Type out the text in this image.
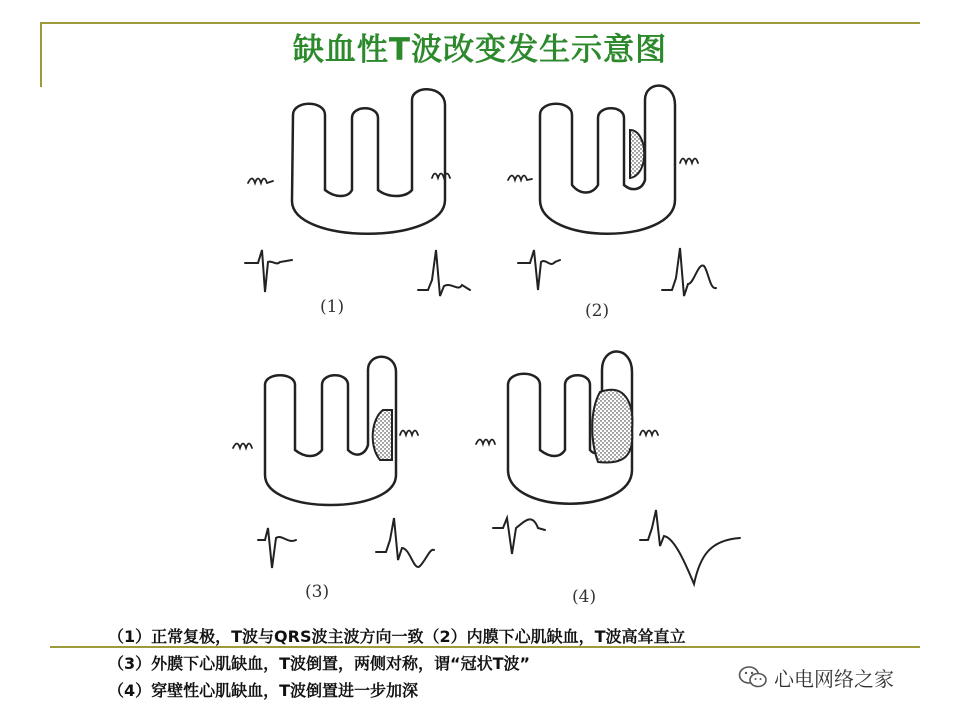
缺血性T波改变发生示意图
(1)	(2)
(3)	(4)
（1）正常复极，T波与QRS波主波方向一致（2）内膜下心肌缺血，T波高耸直立
（3）外膜下心肌缺血，T波倒置，两侧对称，谓“冠状T波”
（4）穿壁性心肌缺血，T波倒置进一步加深	心电网络之家
